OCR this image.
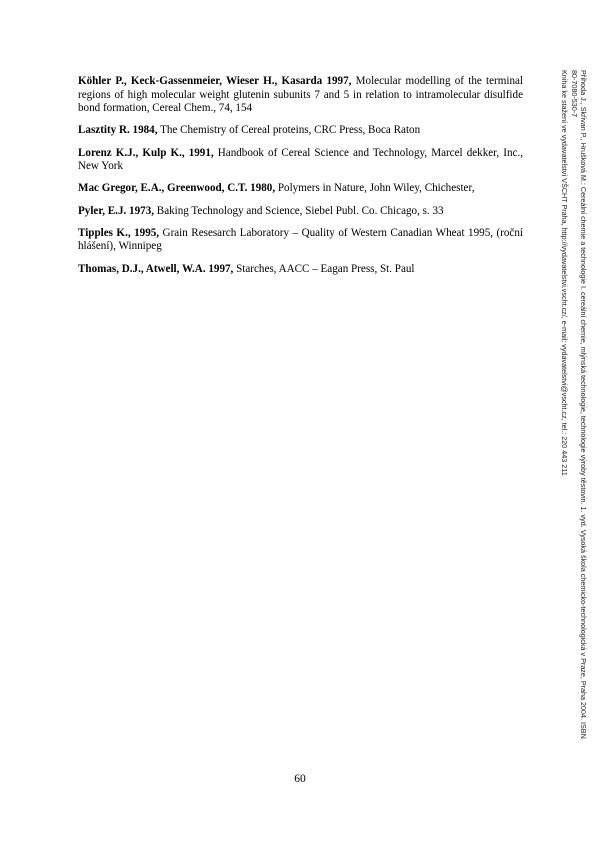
Köhler P., Keck-Gassenmeier, Wieser H., Kasarda 1997, Molecular modelling of the terminal regions of high molecular weight glutenin subunits 7 and 5 in relation to intramolecular disulfide bond formation, Cereal Chem., 74, 154

Lasztity R. 1984, The Chemistry of Cereal proteins, CRC Press, Boca Raton

Lorenz K.J., Kulp K., 1991, Handbook of Cereal Science and Technology, Marcel dekker, Inc., New York

Mac Gregor, E.A., Greenwood, C.T. 1980, Polymers in Nature, John Wiley, Chichester,

Pyler, E.J. 1973, Baking Technology and Science, Siebel Publ. Co. Chicago, s. 33

Tipples K., 1995, Grain Resesarch Laboratory – Quality of Western Canadian Wheat 1995, (roční hlášení), Winnipeg

Thomas, D.J., Atwell, W.A. 1997, Starches, AACC – Eagan Press, St. Paul	Příhoda J., Skřivan P., Hrušková M.: Cereální chemie a technologie I. cereální chemie, mlýnská technologie, technologie výroby těstovin. 1. vyd. Vysoká škola chemicko-technologická v Praze, Praha 2004. ISBN
80-7080-530-7
Kniha ke stažení ve vydavatelství VŠCHT Praha, http://vydavatelstvi.vscht.cz/, e-mail: vydavatelstvi@vscht.cz, tel.: 220 443 211
60
